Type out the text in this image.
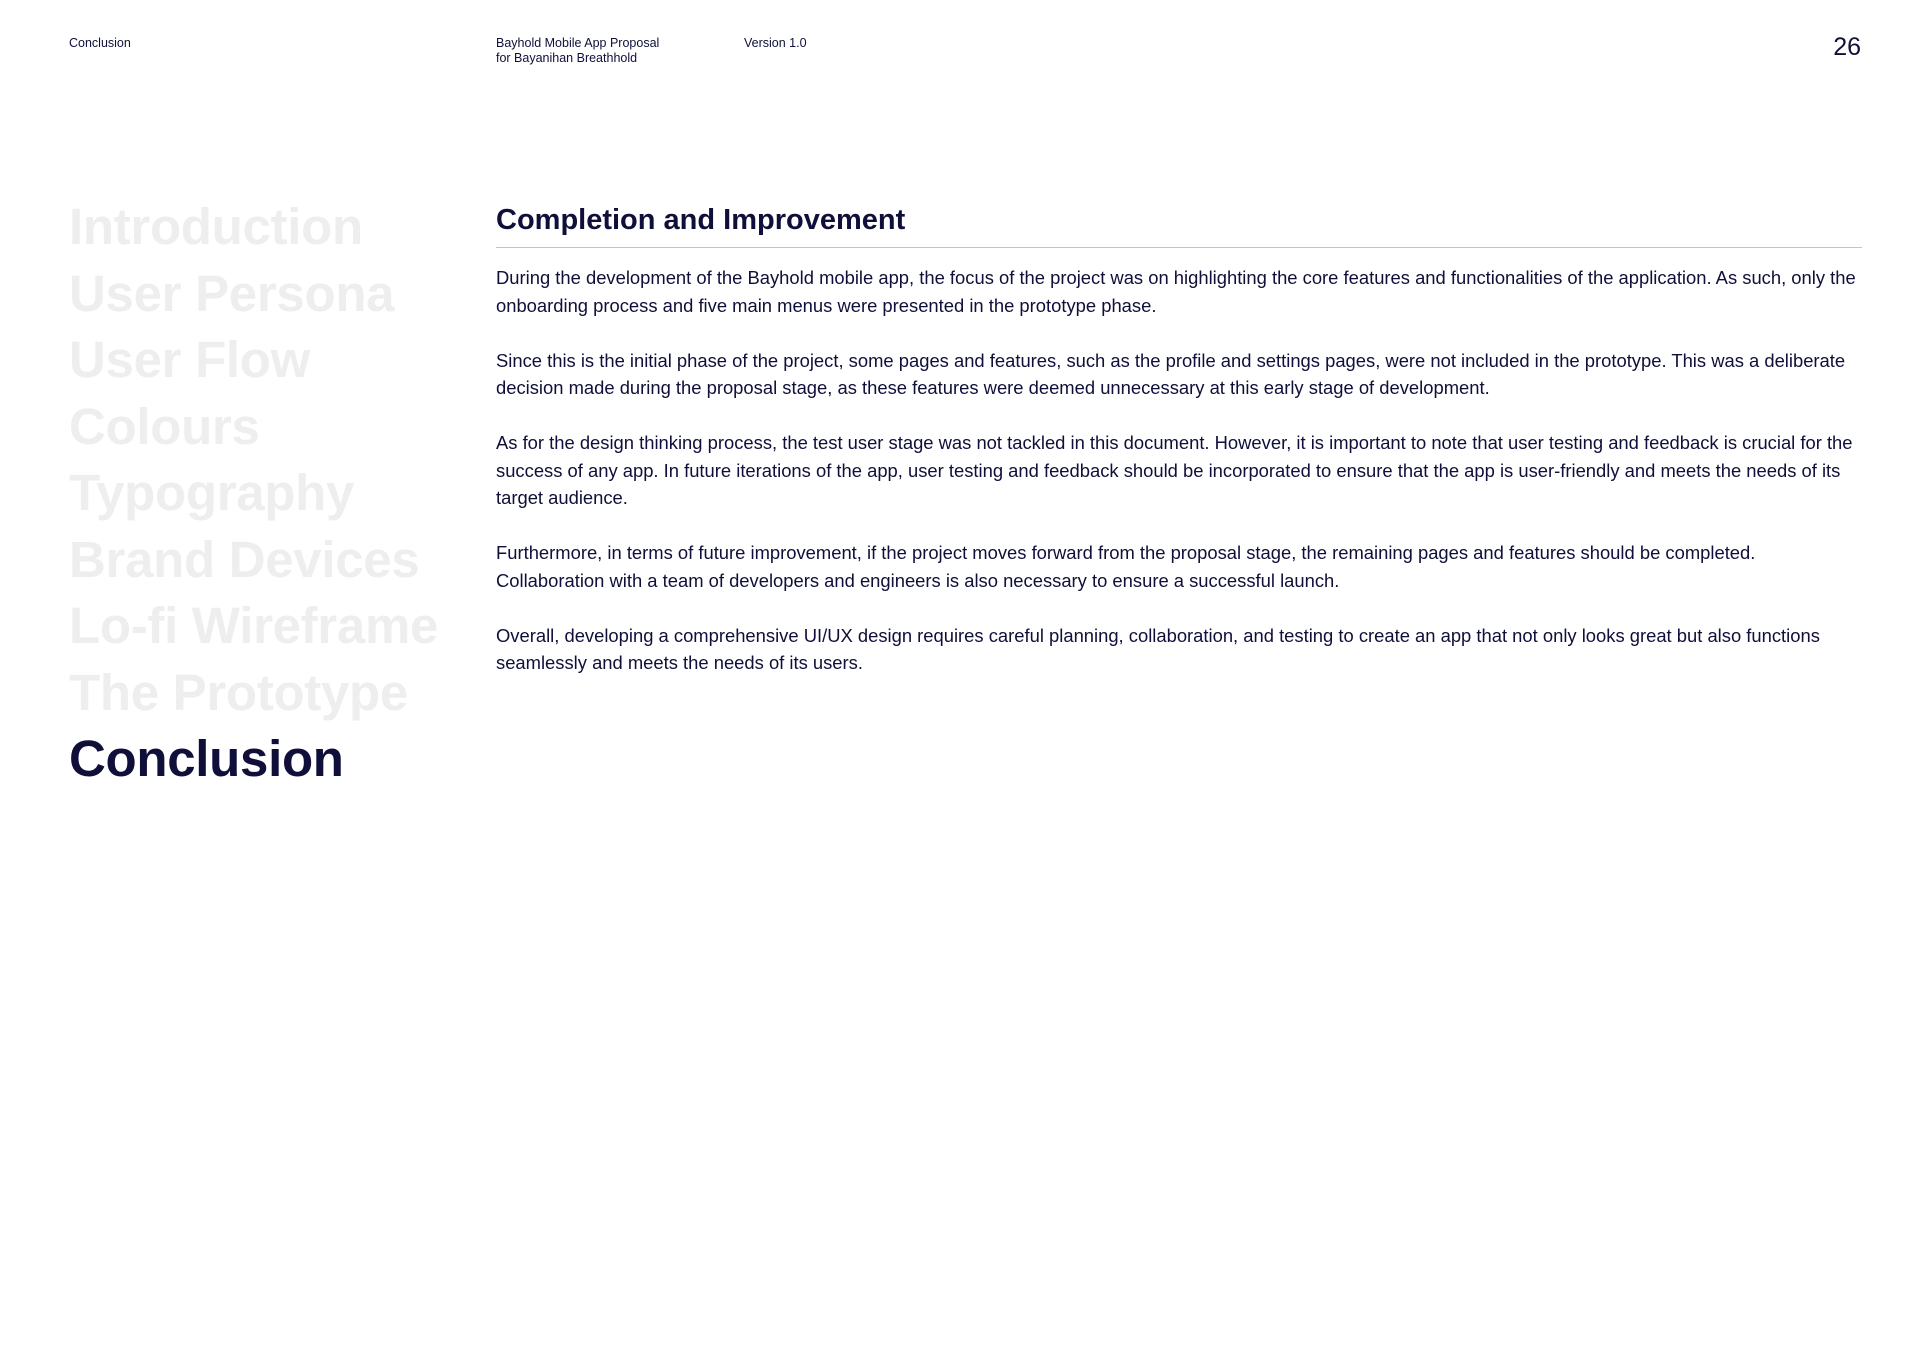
Conclusion	Bayhold Mobile App Proposal
for Bayanihan Breathhold
Version 1.0	26
Introduction
User Persona
User Flow
Colours
Typography
Brand Devices
Lo-fi Wireframe
The Prototype
Conclusion
Completion and Improvement

During the development of the Bayhold mobile app, the focus of the project was on highlighting the core features and functionalities of the application. As such, only the onboarding process and five main menus were presented in the prototype phase.

Since this is the initial phase of the project, some pages and features, such as the profile and settings pages, were not included in the prototype. This was a deliberate decision made during the proposal stage, as these features were deemed unnecessary at this early stage of development.

As for the design thinking process, the test user stage was not tackled in this document. However, it is important to note that user testing and feedback is crucial for the success of any app. In future iterations of the app, user testing and feedback should be incorporated to ensure that the app is user-friendly and meets the needs of its target audience.

Furthermore, in terms of future improvement, if the project moves forward from the proposal stage, the remaining pages and features should be completed. Collaboration with a team of developers and engineers is also necessary to ensure a successful launch.

Overall, developing a comprehensive UI/UX design requires careful planning, collaboration, and testing to create an app that not only looks great but also functions seamlessly and meets the needs of its users.
